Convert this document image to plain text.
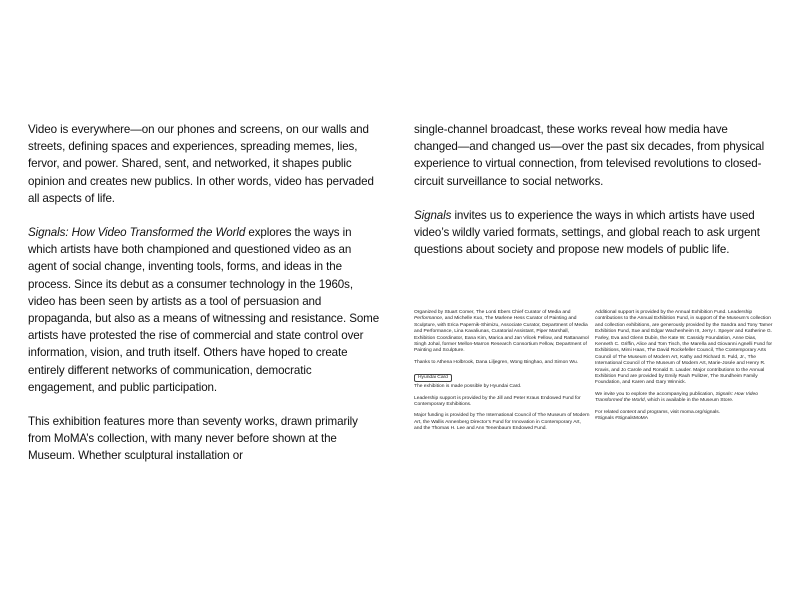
Video is everywhere—on our phones and screens, on our walls and streets, defining spaces and experiences, spreading memes, lies, fervor, and power. Shared, sent, and networked, it shapes public opinion and creates new publics. In other words, video has pervaded all aspects of life.

Signals: How Video Transformed the World explores the ways in which artists have both championed and questioned video as an agent of social change, inventing tools, forms, and ideas in the process. Since its debut as a consumer technology in the 1960s, video has been seen by artists as a tool of persuasion and propaganda, but also as a means of witnessing and resistance. Some artists have protested the rise of commercial and state control over information, vision, and truth itself. Others have hoped to create entirely different networks of communication, democratic engagement, and public participation.

This exhibition features more than seventy works, drawn primarily from MoMA’s collection, with many never before shown at the Museum. Whether sculptural installation or

single-channel broadcast, these works reveal how media have changed—and changed us—over the past six decades, from physical experience to virtual connection, from televised revolutions to closed-circuit surveillance to social networks.

Signals invites us to experience the ways in which artists have used video’s wildly varied formats, settings, and global reach to ask urgent questions about society and propose new models of public life.

Organized by Stuart Comer, The Lonti Ebers Chief Curator of Media and Performance, and Michelle Kuo, The Marlene Hess Curator of Painting and Sculpture, with Erica Papernik-Shimizu, Associate Curator, Department of Media and Performance, Lina Kavaliunas, Curatorial Assistant, Piper Marshall, Exhibition Coordinator, Eana Kim, Marica and Jan Vilcek Fellow, and Rattanamol Singh Johal, former Mellon-Marron Research Consortium Fellow, Department of Painting and Sculpture.

Thanks to Athena Holbrook, Dana Liljegren, Wong Binghao, and Simon Wu.

Hyundai Card

The exhibition is made possible by Hyundai Card.

Leadership support is provided by the Jill and Peter Kraus Endowed Fund for Contemporary Exhibitions.

Major funding is provided by The International Council of The Museum of Modern Art, the Wallis Annenberg Director’s Fund for Innovation in Contemporary Art, and the Thomas H. Lee and Ann Tenenbaum Endowed Fund.

Additional support is provided by the Annual Exhibition Fund. Leadership contributions to the Annual Exhibition Fund, in support of the Museum’s collection and collection exhibitions, are generously provided by the Sandra and Tony Tamer Exhibition Fund, Sue and Edgar Wachenheim III, Jerry I. Speyer and Katherine G. Farley, Eva and Glenn Dubin, the Kate W. Cassidy Foundation, Anne Dias, Kenneth C. Griffin, Alice and Tom Tisch, the Marella and Giovanni Agnelli Fund for Exhibitions, Mimi Haas, The David Rockefeller Council, The Contemporary Arts Council of The Museum of Modern Art, Kathy and Richard S. Fuld, Jr., The International Council of The Museum of Modern Art, Marie-Josée and Henry R. Kravis, and Jo Carole and Ronald S. Lauder. Major contributions to the Annual Exhibition Fund are provided by Emily Rauh Pulitzer, The Sundheim Family Foundation, and Karen and Gary Winnick.

We invite you to explore the accompanying publication, Signals: How Video Transformed the World, which is available in the Museum Store.

For related content and programs, visit moma.org/signals.

#Signals #SignalsMoMA
